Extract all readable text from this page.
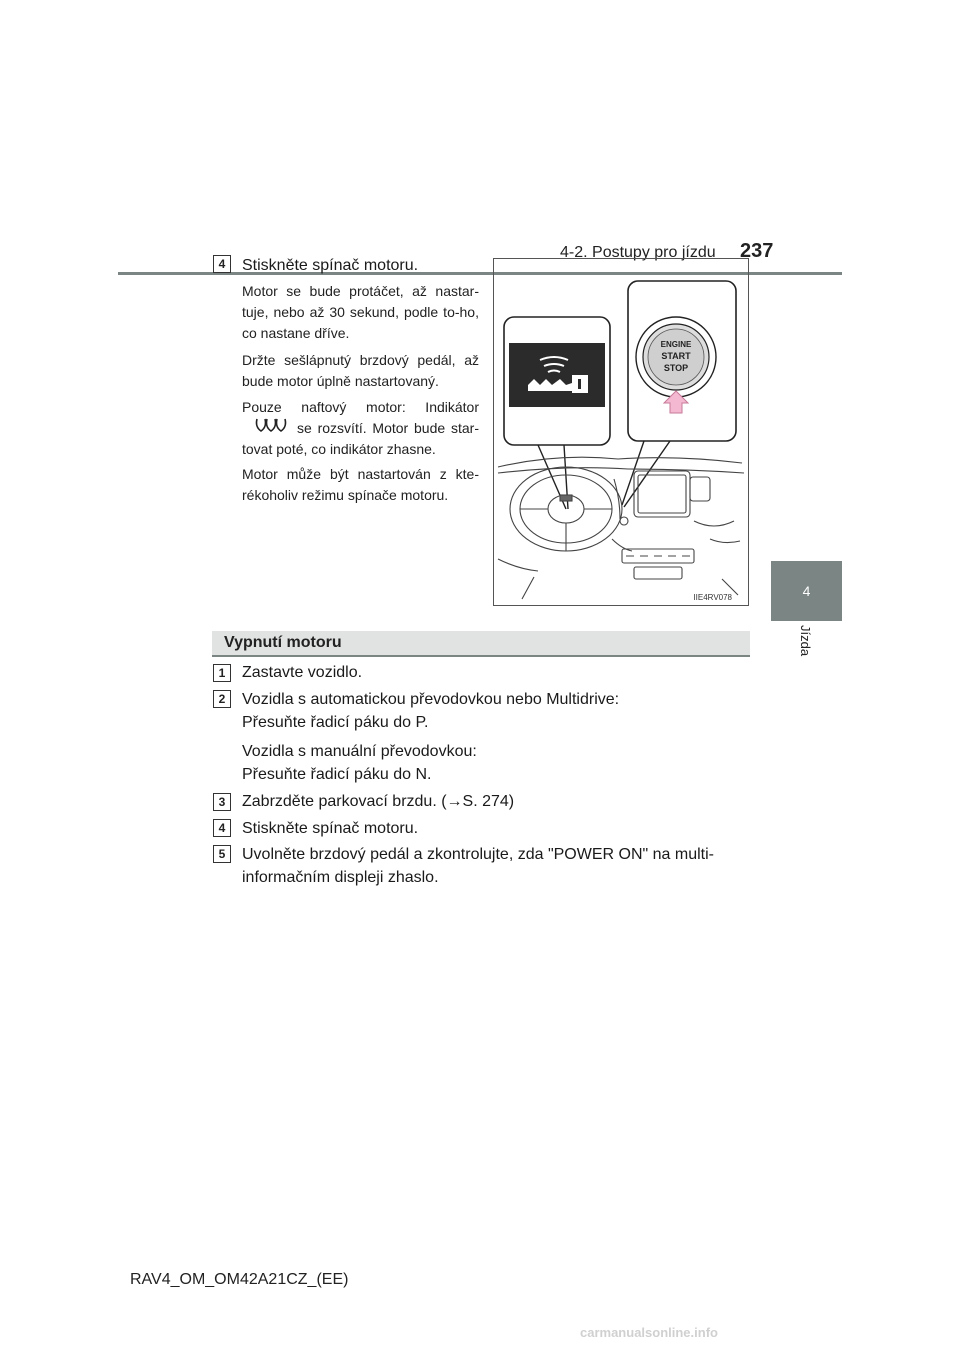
4-2. Postupy pro jízdu 237
4
Jízda
4	Stiskněte spínač motoru.
Motor se bude protáčet, až nastar-tuje, nebo až 30 sekund, podle to-ho, co nastane dříve.
Držte sešlápnutý brzdový pedál, až bude motor úplně nastartovaný.
Pouze naftový motor: Indikátor
se rozsvítí. Motor bude star-tovat poté, co indikátor zhasne.
Motor může být nastartován z kte-rékoholiv režimu spínače motoru.
ENGINE
START
STOP
IIE4RV078
Vypnutí motoru
1	Zastavte vozidlo.
2	Vozidla s automatickou převodovkou nebo Multidrive:
Přesuňte řadicí páku do P.
Vozidla s manuální převodovkou:
Přesuňte řadicí páku do N.
3	Zabrzděte parkovací brzdu. (→S. 274)
4	Stiskněte spínač motoru.
5	Uvolněte brzdový pedál a zkontrolujte, zda "POWER ON" na multi-
informačním displeji zhaslo.
RAV4_OM_OM42A21CZ_(EE)
carmanualsonline.info
